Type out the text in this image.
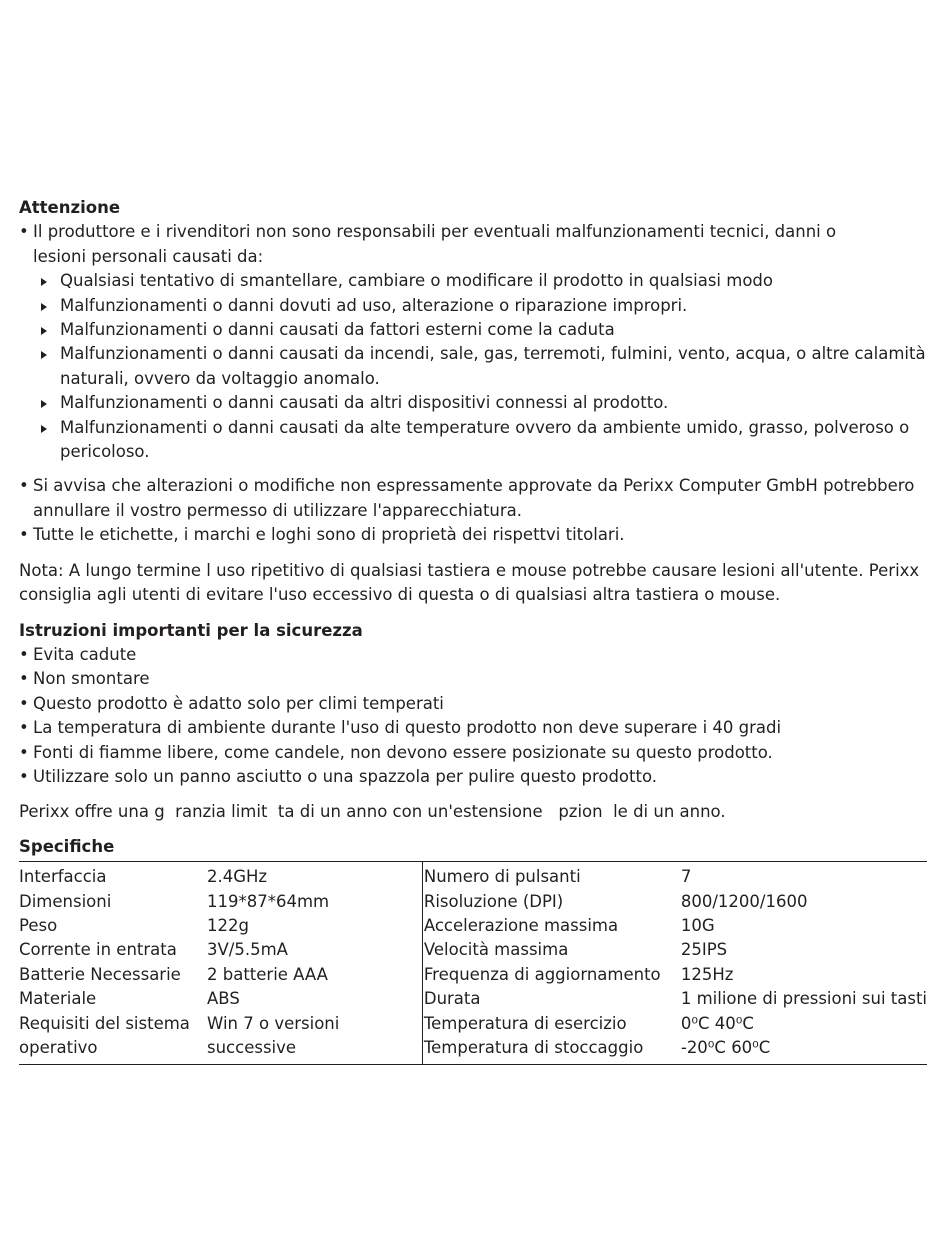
Attenzione
• Il produttore e i rivenditori non sono responsabili per eventuali malfunzionamenti tecnici, danni o
lesioni personali causati da:
Qualsiasi tentativo di smantellare, cambiare o modificare il prodotto in qualsiasi modo
Malfunzionamenti o danni dovuti ad uso, alterazione o riparazione impropri.
Malfunzionamenti o danni causati da fattori esterni come la caduta
Malfunzionamenti o danni causati da incendi, sale, gas, terremoti, fulmini, vento, acqua, o altre calamità
naturali, ovvero da voltaggio anomalo.
Malfunzionamenti o danni causati da altri dispositivi connessi al prodotto.
Malfunzionamenti o danni causati da alte temperature ovvero da ambiente umido, grasso, polveroso o
pericoloso.
• Si avvisa che alterazioni o modifiche non espressamente approvate da Perixx Computer GmbH potrebbero
annullare il vostro permesso di utilizzare l'apparecchiatura.
• Tutte le etichette, i marchi e loghi sono di proprietà dei rispettvi titolari.
Nota: A lungo termine l uso ripetitivo di qualsiasi tastiera e mouse potrebbe causare lesioni all'utente. Perixx
consiglia agli utenti di evitare l'uso eccessivo di questa o di qualsiasi altra tastiera o mouse.
Istruzioni importanti per la sicurezza
• Evita cadute
• Non smontare
• Questo prodotto è adatto solo per climi temperati
• La temperatura di ambiente durante l'uso di questo prodotto non deve superare i 40 gradi
• Fonti di fiamme libere, come candele, non devono essere posizionate su questo prodotto.
• Utilizzare solo un panno asciutto o una spazzola per pulire questo prodotto.
Perixx offre una g  ranzia limit  ta di un anno con un'estensione   pzion  le di un anno.
Specifiche
Interfaccia
Dimensioni
Peso
Corrente in entrata
Batterie Necessarie
Materiale
Requisiti del sistema
operativo
2.4GHz
119*87*64mm
122g
3V/5.5mA
2 batterie AAA
ABS
Win 7 o versioni
successive
Numero di pulsanti
Risoluzione (DPI)
Accelerazione massima
Velocità massima
Frequenza di aggiornamento
Durata
Temperatura di esercizio
Temperatura di stoccaggio
7
800/1200/1600
10G
25IPS
125Hz
1 milione di pressioni sui tasti
0⁰C 40⁰C
-20⁰C 60⁰C
